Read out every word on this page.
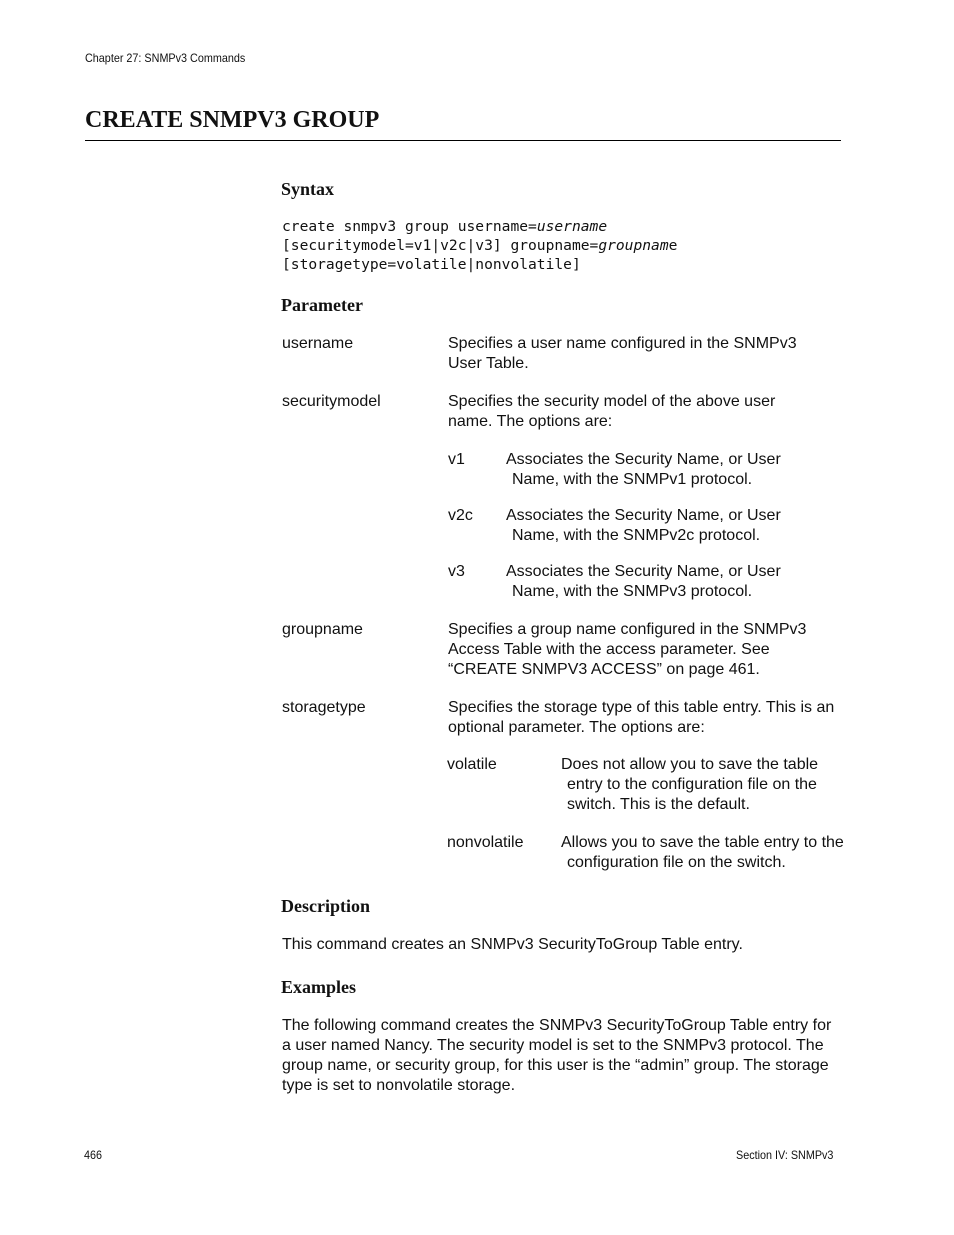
Chapter 27: SNMPv3 Commands
CREATE SNMPV3 GROUP
Syntax
create snmpv3 group username=username
[securitymodel=v1|v2c|v3] groupname=groupname
[storagetype=volatile|nonvolatile]
Parameter
username	Specifies a user name configured in the SNMPv3 User Table.
securitymodel	Specifies the security model of the above user name. The options are:
v1	Associates the Security Name, or User Name, with the SNMPv1 protocol.
v2c Associates the Security Name, or User Name, with the SNMPv2c protocol.
v3	Associates the Security Name, or User Name, with the SNMPv3 protocol.
groupname	Specifies a group name configured in the SNMPv3 Access Table with the access parameter. See “CREATE SNMPV3 ACCESS” on page 461.
storagetype	Specifies the storage type of this table entry. This is an optional parameter. The options are:
volatile	Does not allow you to save the table entry to the configuration file on the switch. This is the default.
nonvolatile Allows you to save the table entry to the configuration file on the switch.
Description
This command creates an SNMPv3 SecurityToGroup Table entry.
Examples
The following command creates the SNMPv3 SecurityToGroup Table entry for a user named Nancy. The security model is set to the SNMPv3 protocol. The group name, or security group, for this user is the “admin” group. The storage type is set to nonvolatile storage.
466	Section IV: SNMPv3
